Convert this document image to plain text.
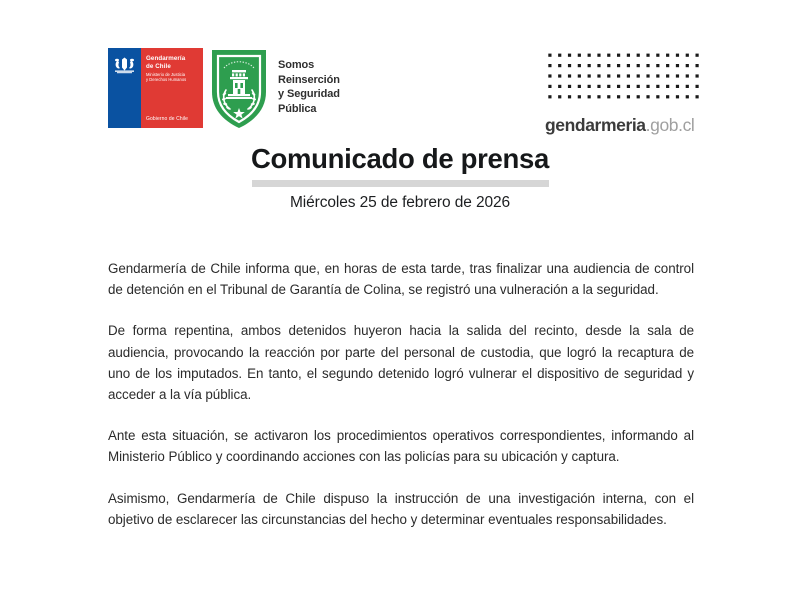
Gendarmería
de Chile
Ministerio de Justicia
y Derechos Humanos
Gobierno de Chile
Somos
Reinserción
y Seguridad
Pública
gendarmeria.gob.cl
Comunicado de prensa
Miércoles 25 de febrero de 2026

Gendarmería de Chile informa que, en horas de esta tarde, tras finalizar una audiencia de control de detención en el Tribunal de Garantía de Colina, se registró una vulneración a la seguridad.

De forma repentina, ambos detenidos huyeron hacia la salida del recinto, desde la sala de audiencia, provocando la reacción por parte del personal de custodia, que logró la recaptura de uno de los imputados. En tanto, el segundo detenido logró vulnerar el dispositivo de seguridad y acceder a la vía pública.

Ante esta situación, se activaron los procedimientos operativos correspondientes, informando al Ministerio Público y coordinando acciones con las policías para su ubicación y captura.

Asimismo, Gendarmería de Chile dispuso la instrucción de una investigación interna, con el objetivo de esclarecer las circunstancias del hecho y determinar eventuales responsabilidades.
